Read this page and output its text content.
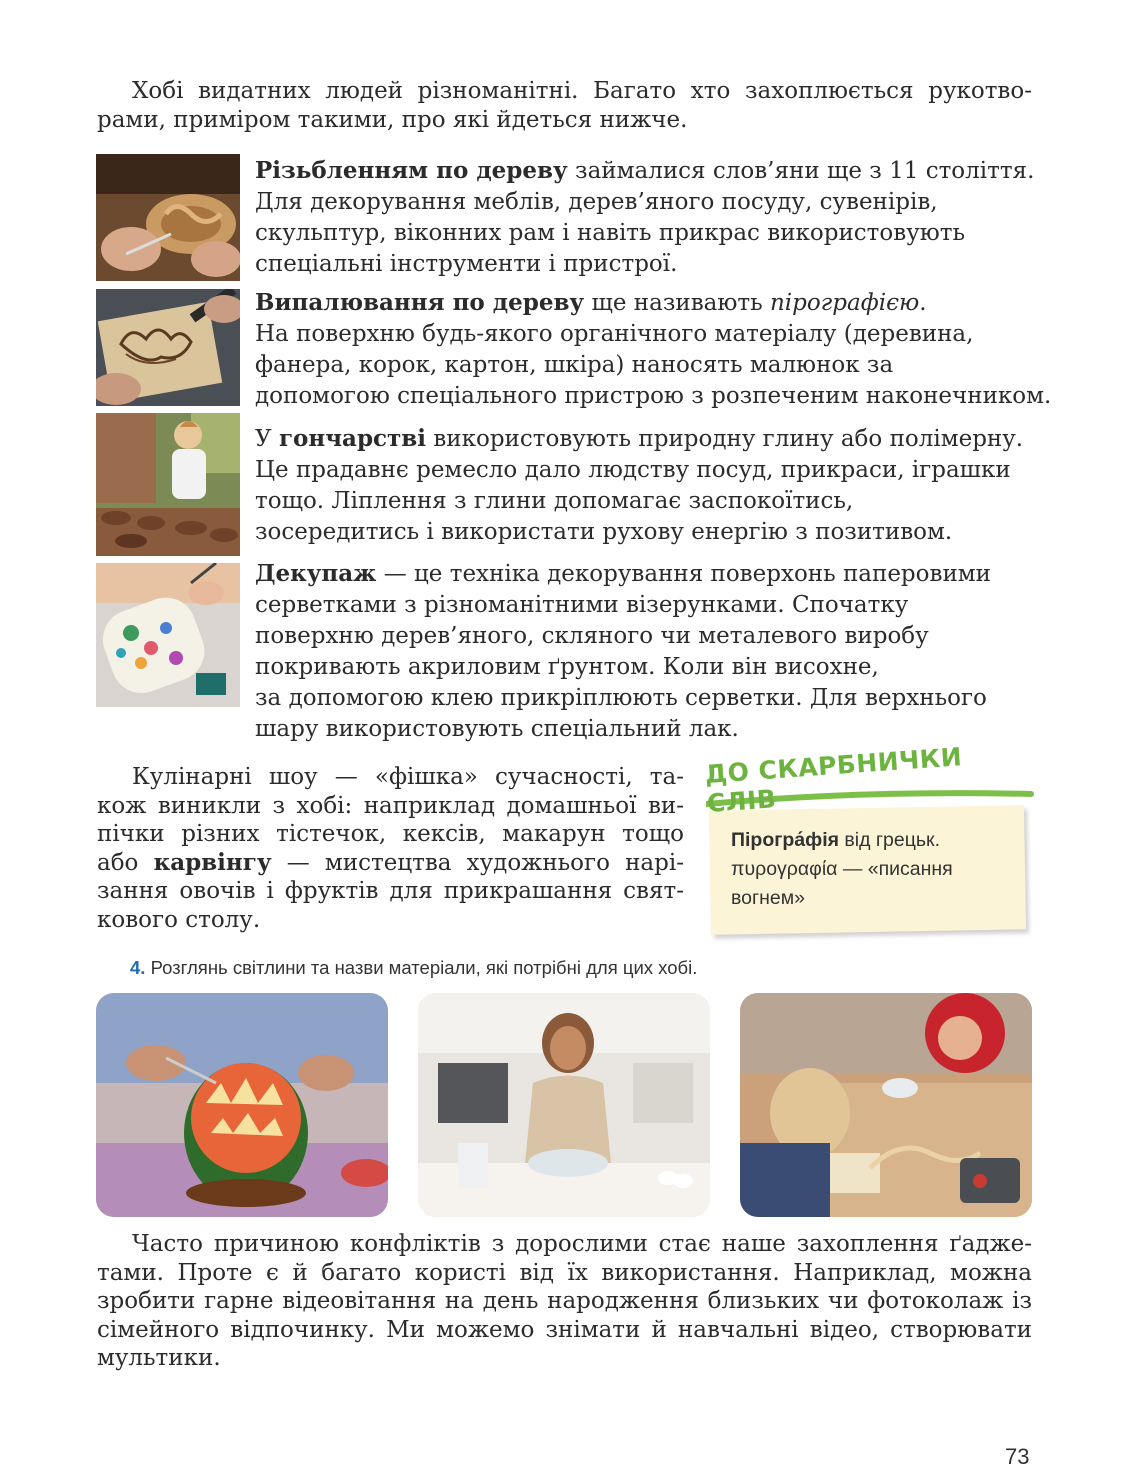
Хобі видатних людей різноманітні. Багато хто захоплюється рукотво-
рами, приміром такими, про які йдеться нижче.
Різьбленням по дереву займалися слов’яни ще з 11 століття.
Для декорування меблів, дерев’яного посуду, сувенірів,
скульптур, віконних рам і навіть прикрас використовують
спеціальні інструменти і пристрої.
Випалювання по дереву ще називають пірографією.
На поверхню будь-якого органічного матеріалу (деревина,
фанера, корок, картон, шкіра) наносять малюнок за
допомогою спеціального пристрою з розпеченим наконечником.
У гончарстві використовують природну глину або полімерну.
Це прадавнє ремесло дало людству посуд, прикраси, іграшки
тощо. Ліплення з глини допомагає заспокоїтись,
зосередитись і використати рухову енергію з позитивом.
Декупаж — це техніка декорування поверхонь паперовими
серветками з різноманітними візерунками. Спочатку
поверхню дерев’яного, скляного чи металевого виробу
покривають акриловим ґрунтом. Коли він висохне,
за допомогою клею прикріплюють серветки. Для верхнього
шару використовують спеціальний лак.
Кулінарні шоу — «фішка» сучасності, та-
кож виникли з хобі: наприклад домашньої ви-
пічки різних тістечок, кексів, макарун тощо
або карвінгу — мистецтва художнього нарі-
зання овочів і фруктів для прикрашання свят-
кового столу.
ДО СКАРБНИЧКИ СЛІВ
Пірогра́фія від грецьк.
πυρογραφία — «писання
вогнем»
4. Розглянь світлини та назви матеріали, які потрібні для цих хобі.
Часто причиною конфліктів з дорослими стає наше захоплення ґаджe-
тами. Проте є й багато користі від їх використання. Наприклад, можна
зробити гарне відеовітання на день народження близьких чи фотоколаж із
сімейного відпочинку. Ми можемо знімати й навчальні відео, створювати
мультики.
73
